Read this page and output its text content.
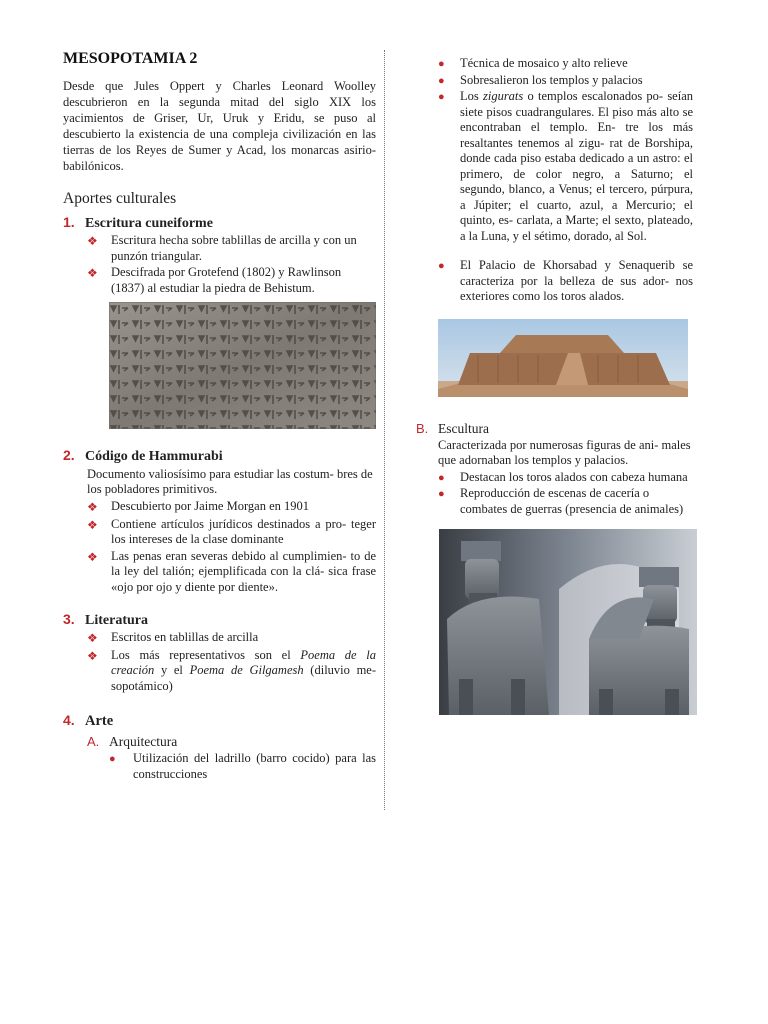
MESOPOTAMIA 2

Desde que Jules Oppert y Charles Leonard Woolley descubrieron en la segunda mitad del siglo XIX los yacimientos de Griser, Ur, Uruk y Eridu, se puso al descubierto la existencia de una compleja civilización en las tierras de los Reyes de Sumer y Acad, los monarcas asirio-babilónicos.

Aportes culturales
1. Escritura cuneiforme
❖	Escritura hecha sobre tablillas de arcilla y con un punzón triangular.
❖	Descifrada por Grotefend (1802) y Rawlinson (1837) al estudiar la piedra de Behistum.
2. Código de Hammurabi
Documento valiosísimo para estudiar las costum- bres de los pobladores primitivos.
❖	Descubierto por Jaime Morgan en 1901
❖	Contiene artículos jurídicos destinados a pro- teger los intereses de la clase dominante
❖	Las penas eran severas debido al cumplimien- to de la ley del talión; ejemplificada con la clá- sica frase «ojo por ojo y diente por diente».
3. Literatura
❖	Escritos en tablillas de arcilla
❖	Los más representativos son el Poema de la creación y el Poema de Gilgamesh (diluvio me- sopotámico)
4. Arte
A. Arquitectura
●	Utilización del ladrillo (barro cocido) para las construcciones
●	Técnica de mosaico y alto relieve
●	Sobresalieron los templos y palacios
●	Los zigurats o templos escalonados po- seían siete pisos cuadrangulares. El piso más alto se encontraban el templo. En- tre los más resaltantes tenemos al zigu- rat de Borshipa, donde cada piso estaba dedicado a un astro: el primero, de color negro, a Saturno; el segundo, blanco, a Venus; el tercero, púrpura, a Júpiter; el cuarto, azul, a Mercurio; el quinto, es- carlata, a Marte; el sexto, plateado, a la Luna, y el sétimo, dorado, al Sol.
●	El Palacio de Khorsabad y Senaquerib se caracteriza por la belleza de sus ador- nos exteriores como los toros alados.
B. Escultura
Caracterizada por numerosas figuras de ani- males que adornaban los templos y palacios.
●	Destacan los toros alados con cabeza humana
●	Reproducción de escenas de cacería o combates de guerras (presencia de animales)
